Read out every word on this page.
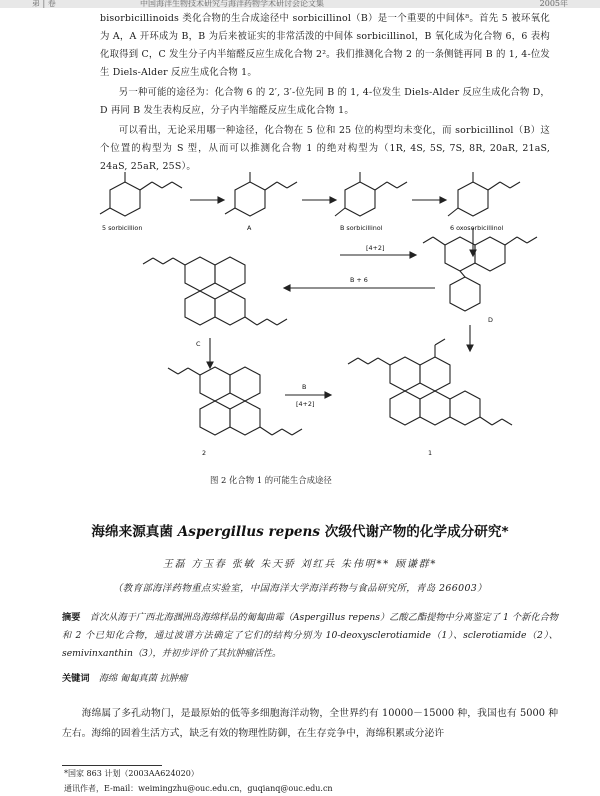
弟 | 卷	中国海洋生物技术研究与海洋药物学术研讨会论文集	2005年
bisorbicillinoids 类化合物的生合成途径中 sorbicillinol（B）是一个重要的中间体⁸。首先 5 被环氧化为 A，A 开环成为 B，B 为后来被证实的非常活泼的中间体 sorbicillinol，B 氧化成为化合物 6，6 表构化取得到 C，C 发生分子内半缩醛反应生成化合物 2²。我们推测化合物 2 的一条侧链再同 B 的 1, 4-位发生 Diels-Alder 反应生成化合物 1。
另一种可能的途径为：化合物 6 的 2′, 3′-位先同 B 的 1, 4-位发生 Diels-Alder 反应生成化合物 D，D 再同 B 发生表构反应，分子内半缩醛反应生成化合物 1。
可以看出，无论采用哪一种途径，化合物在 5 位和 25 位的构型均未变化，而 sorbicillinol（B）这个位置的构型为 S 型，从而可以推测化合物 1 的绝对构型为（1R, 4S, 5S, 7S, 8R, 20aR, 21aS, 24aS, 25aR, 25S）。
5 sorbicillion	A	B sorbicillinol	6 oxosorbicillinol
C
B + 6
[4+2]
D
2
B
[4+2]
1
图 2 化合物 1 的可能生合成途径
海绵来源真菌 Aspergillus repens 次级代谢产物的化学成分研究*
王磊 方玉春 张敏 朱天骄 刘红兵 朱伟明** 顾谦群*
（教育部海洋药物重点实验室，中国海洋大学海洋药物与食品研究所，青岛 266003）
摘要　 首次从海于广西北海涠洲岛海绵样品的匍匐曲霉（Aspergillus repens）乙酸乙酯提物中分离鉴定了 1 个新化合物和 2 个已知化合物，通过波谱方法确定了它们的结构分别为 10-deoxysclerotiamide（1）、sclerotiamide（2）、semivinxanthin（3），并初步评价了其抗肿瘤活性。
关键词　 海绵 匍匐真菌 抗肿瘤
海绵属了多孔动物门，是最原始的低等多细胞海洋动物，全世界约有 10000－15000 种，我国也有 5000 种左右。海绵的固着生活方式，缺乏有效的物理性防御，在生存竞争中，海绵积累或分泌许
*国家 863 计划（2003AA624020）
通讯作者，E-mail：weimingzhu@ouc.edu.cn，guqianq@ouc.edu.cn
